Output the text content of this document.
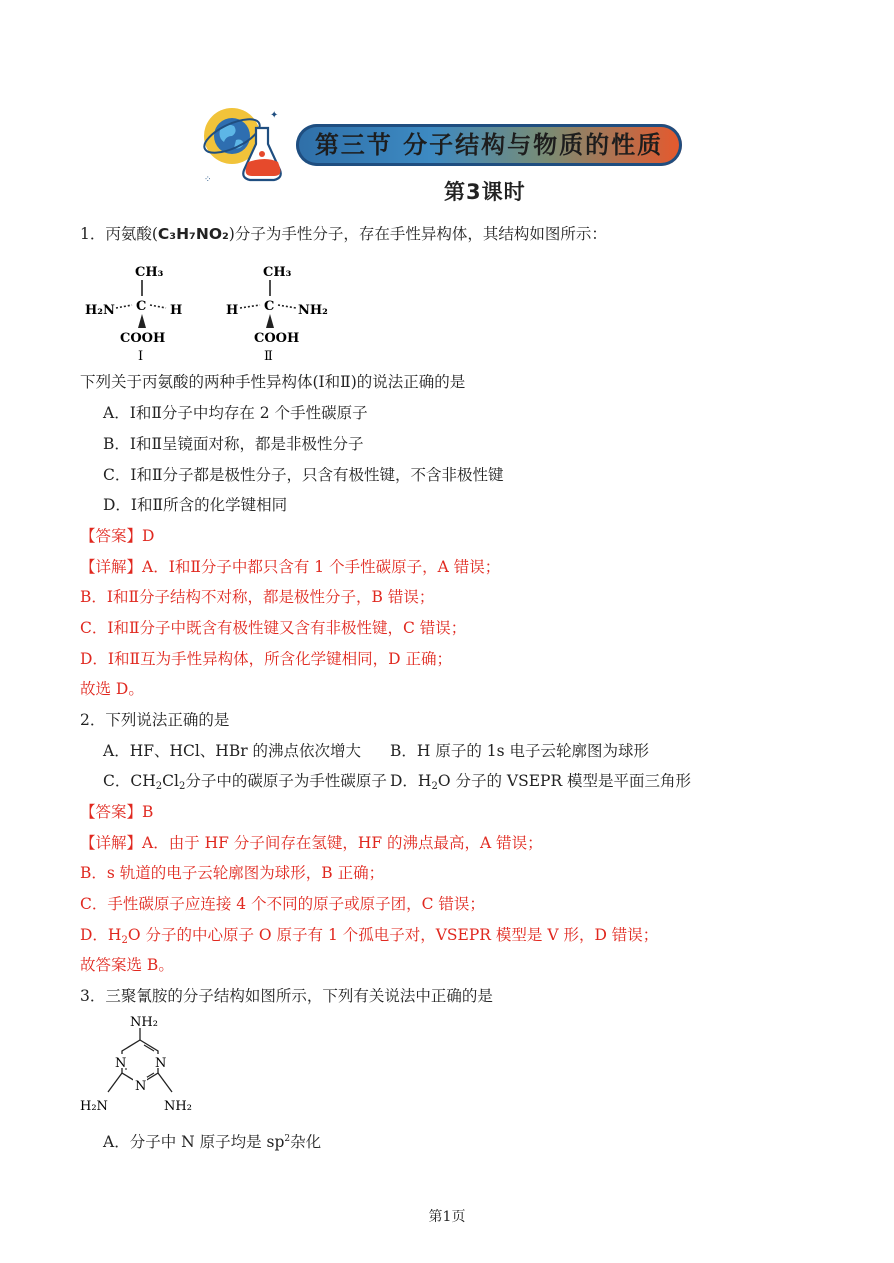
✦
⁘
第三节 分子结构与物质的性质
第3课时
1．丙氨酸(C₃H₇NO₂)分子为手性分子，存在手性异构体，其结构如图所示：
CH₃
C
H₂N	H
COOH
Ⅰ
CH₃
C
H	NH₂
COOH
Ⅱ
下列关于丙氨酸的两种手性异构体(Ⅰ和Ⅱ)的说法正确的是
A．Ⅰ和Ⅱ分子中均存在 2 个手性碳原子
B．Ⅰ和Ⅱ呈镜面对称，都是非极性分子
C．Ⅰ和Ⅱ分子都是极性分子，只含有极性键，不含非极性键
D．Ⅰ和Ⅱ所含的化学键相同
【答案】D
【详解】A．Ⅰ和Ⅱ分子中都只含有 1 个手性碳原子，A 错误；
B．Ⅰ和Ⅱ分子结构不对称，都是极性分子，B 错误；
C．Ⅰ和Ⅱ分子中既含有极性键又含有非极性键，C 错误；
D．Ⅰ和Ⅱ互为手性异构体，所含化学键相同，D 正确；
故选 D。
2．下列说法正确的是
A．HF、HCl、HBr 的沸点依次增大 B．H 原子的 1s 电子云轮廓图为球形
C．$CH_2Cl_2$分子中的碳原子为手性碳原子 D．$H_2O$ 分子的 VSEPR 模型是平面三角形
【答案】B
【详解】A．由于 HF 分子间存在氢键，HF 的沸点最高，A 错误；
B．s 轨道的电子云轮廓图为球形，B 正确；
C．手性碳原子应连接 4 个不同的原子或原子团，C 错误；
D．$H_2O$ 分子的中心原子 O 原子有 1 个孤电子对，VSEPR 模型是 V 形，D 错误；
故答案选 B。
3．三聚氰胺的分子结构如图所示，下列有关说法中正确的是
NH₂
N N
N
H₂N	NH₂
A．分子中 N 原子均是 $sp^2$杂化
第1页
